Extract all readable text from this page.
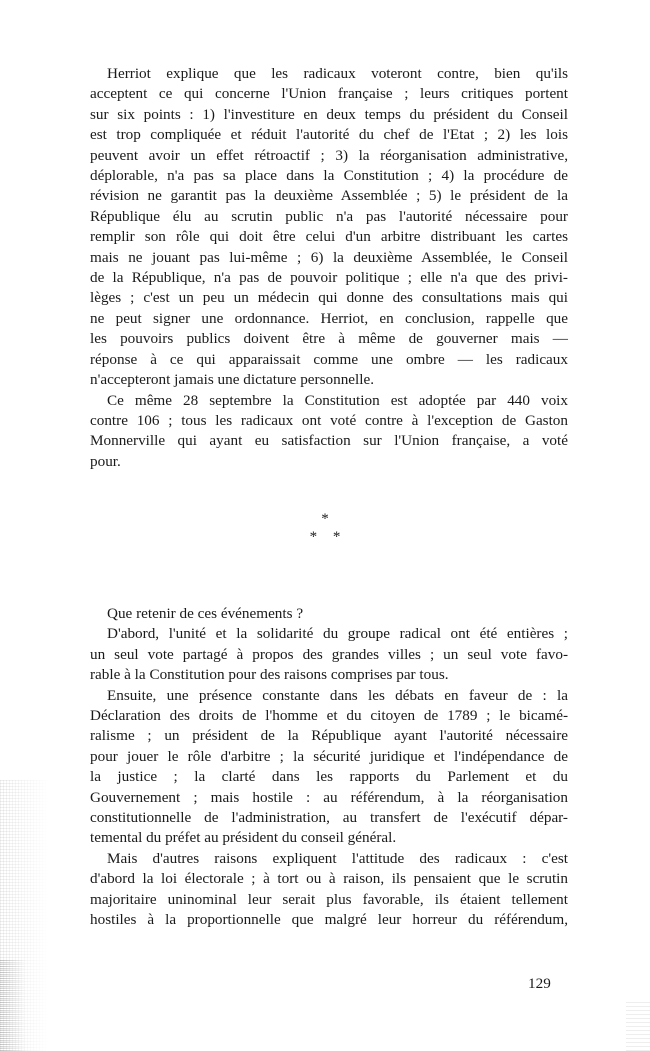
Herriot explique que les radicaux voteront contre, bien qu'ils
acceptent ce qui concerne l'Union française ; leurs critiques portent
sur six points : 1) l'investiture en deux temps du président du Conseil
est trop compliquée et réduit l'autorité du chef de l'Etat ; 2) les lois
peuvent avoir un effet rétroactif ; 3) la réorganisation administrative,
déplorable, n'a pas sa place dans la Constitution ; 4) la procédure de
révision ne garantit pas la deuxième Assemblée ; 5) le président de la
République élu au scrutin public n'a pas l'autorité nécessaire pour
remplir son rôle qui doit être celui d'un arbitre distribuant les cartes
mais ne jouant pas lui-même ; 6) la deuxième Assemblée, le Conseil
de la République, n'a pas de pouvoir politique ; elle n'a que des privi-
lèges ; c'est un peu un médecin qui donne des consultations mais qui
ne peut signer une ordonnance. Herriot, en conclusion, rappelle que
les pouvoirs publics doivent être à même de gouverner mais —
réponse à ce qui apparaissait comme une ombre — les radicaux
n'accepteront jamais une dictature personnelle.

Ce même 28 septembre la Constitution est adoptée par 440 voix
contre 106 ; tous les radicaux ont voté contre à l'exception de Gaston
Monnerville qui ayant eu satisfaction sur l'Union française, a voté
pour.

*
* *

Que retenir de ces événements ?

D'abord, l'unité et la solidarité du groupe radical ont été entières ;
un seul vote partagé à propos des grandes villes ; un seul vote favo-
rable à la Constitution pour des raisons comprises par tous.

Ensuite, une présence constante dans les débats en faveur de : la
Déclaration des droits de l'homme et du citoyen de 1789 ; le bicamé-
ralisme ; un président de la République ayant l'autorité nécessaire
pour jouer le rôle d'arbitre ; la sécurité juridique et l'indépendance de
la justice ; la clarté dans les rapports du Parlement et du
Gouvernement ; mais hostile : au référendum, à la réorganisation
constitutionnelle de l'administration, au transfert de l'exécutif dépar-
temental du préfet au président du conseil général.

Mais d'autres raisons expliquent l'attitude des radicaux : c'est
d'abord la loi électorale ; à tort ou à raison, ils pensaient que le scrutin
majoritaire uninominal leur serait plus favorable, ils étaient tellement
hostiles à la proportionnelle que malgré leur horreur du référendum,

129
